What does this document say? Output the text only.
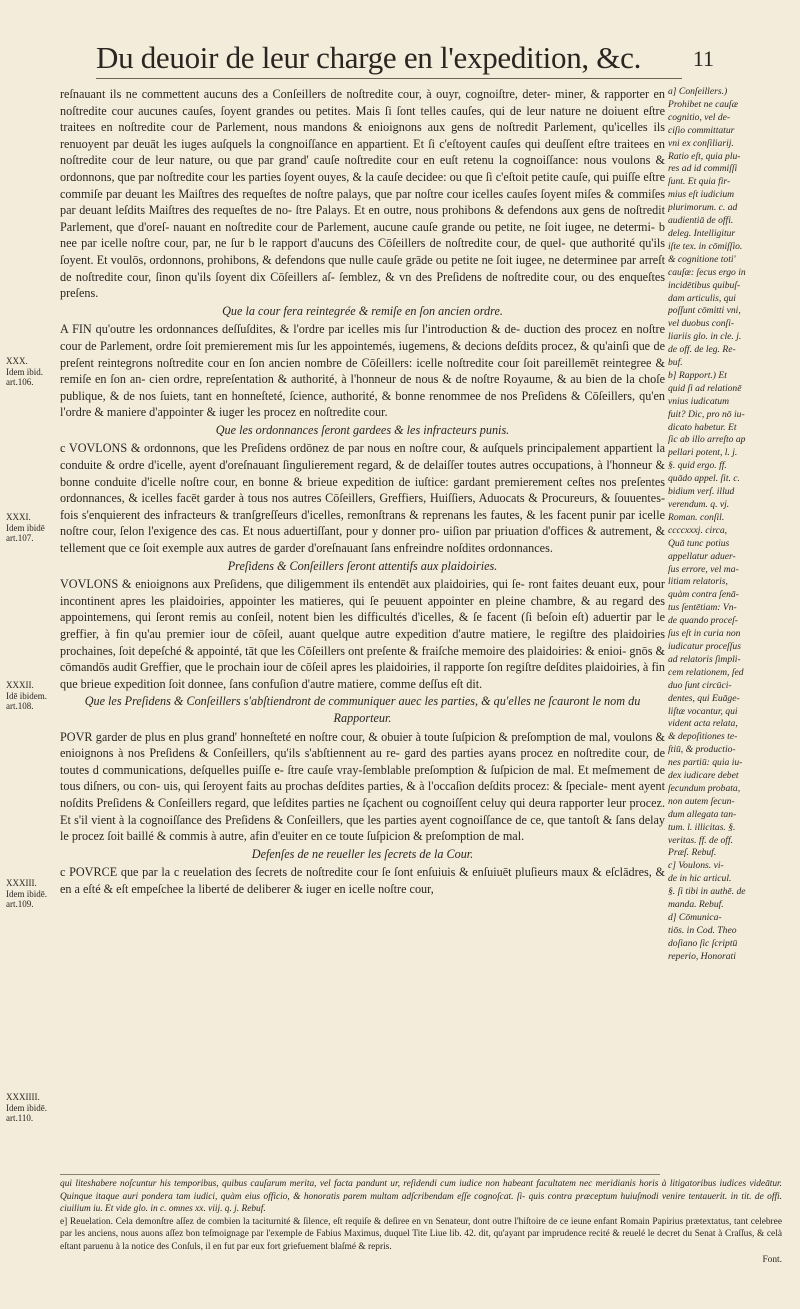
Du deuoir de leur charge en l'expedition, &c. 11

reſnauant ils ne commettent aucuns des a Conſeillers de noſtredite cour, à ouyr, cognoiſtre, deter- miner, & rapporter en noſtredite cour aucunes cauſes, ſoyent grandes ou petites. Mais ſi ſont telles cauſes, qui de leur nature ne doiuent eſtre traitees en noſtredite cour de Parlement, nous mandons & enioignons aux gens de noſtredit Parlement, qu'icelles ils renuoyent par deuāt les iuges auſquels la congnoiſſance en appartient. Et ſi c'eſtoyent cauſes qui deuſſent eſtre traitees en noſtredite cour de leur nature, ou que par grand' cauſe noſtredite cour en euſt retenu la cognoiſſance: nous voulons & ordonnons, que par noſtredite cour les parties ſoyent ouyes, & la cauſe decidee: ou que ſi c'eſtoit petite cauſe, qui puiſſe eſtre commiſe par deuant les Maiſtres des requeſtes de noſtre palays, que par noſtre cour icelles cauſes ſoyent miſes & commiſes par deuant leſdits Maiſtres des requeſtes de no- ſtre Palays. Et en outre, nous prohibons & defendons aux gens de noſtredit Parlement, que d'oreſ- nauant en noſtredite cour de Parlement, aucune cauſe grande ou petite, ne ſoit iugee, ne determi- b nee par icelle noſtre cour, par, ne ſur b le rapport d'aucuns des Cōſeillers de noſtredite cour, de quel- que authorité qu'ils ſoyent. Et voulōs, ordonnons, prohibons, & defendons que nulle cauſe grāde ou petite ne ſoit iugee, ne determinee par arreſt de noſtredite cour, ſinon qu'ils ſoyent dix Cōſeillers aſ- ſemblez, & vn des Preſidens de noſtredite cour, ou des enqueſtes preſens.

Que la cour fera reintegrée & remiſe en ſon ancien ordre.

A FIN qu'outre les ordonnances deſſuſdites, & l'ordre par icelles mis ſur l'introduction & de- duction des procez en noſtre cour de Parlement, ordre ſoit premierement mis ſur les appointemés, iugemens, & decions deſdits procez, & qu'ainſi que de preſent reintegrons noſtredite cour en ſon ancien nombre de Cōſeillers: icelle noſtredite cour ſoit pareillemēt reintegree & remiſe en ſon an- cien ordre, repreſentation & authorité, à l'honneur de nous & de noſtre Royaume, & au bien de la choſe publique, & de nos ſuiets, tant en honneſteté, ſcience, authorité, & bonne renommee de nos Preſidens & Cōſeillers, qu'en l'ordre & maniere d'appointer & iuger les procez en noſtredite cour.

Que les ordonnances ſeront gardees & les infracteurs punis.

c VOVLONS & ordonnons, que les Preſidens ordōnez de par nous en noſtre cour, & auſquels principalement appartient la conduite & ordre d'icelle, ayent d'oreſnauant ſingulierement regard, & de delaiſſer toutes autres occupations, à l'honneur & bonne conduite d'icelle noſtre cour, en bonne & brieue expedition de iuſtice: gardant premierement ceſtes nos preſentes ordonnances, & icelles facēt garder à tous nos autres Cōſeillers, Greffiers, Huiſſiers, Aduocats & Procureurs, & ſouuentes- fois s'enquierent des infracteurs & tranſgreſſeurs d'icelles, remonſtrans & reprenans les fautes, & les facent punir par icelle noſtre cour, ſelon l'exigence des cas. Et nous aduertiſſant, pour y donner pro- uiſion par priuation d'offices & autrement, & tellement que ce ſoit exemple aux autres de garder d'oreſnauant ſans enfreindre noſdites ordonnances.

Preſidens & Conſeillers ſeront attentifs aux plaidoiries.

VOVLONS & enioignons aux Preſidens, que diligemment ils entendēt aux plaidoiries, qui ſe- ront faites deuant eux, pour incontinent apres les plaidoiries, appointer les matieres, qui ſe peuuent appointer en pleine chambre, & au regard des appointemens, qui ſeront remis au conſeil, notent bien les difficultés d'icelles, & ſe facent (ſi beſoin eſt) aduertir par le greffier, à fin qu'au premier iour de cōſeil, auant quelque autre expedition d'autre matiere, le regiſtre des plaidoiries prochaines, ſoit depeſché & appointé, tāt que les Cōſeillers ont preſente & fraiſche memoire des plaidoiries: & enioi- gnōs & cōmandōs audit Greffier, que le prochain iour de cōſeil apres les plaidoiries, il rapporte ſon regiſtre deſdites plaidoiries, à fin que brieue expedition ſoit donnee, ſans confuſion d'autre matiere, comme deſſus eſt dit.

Que les Preſidens & Conſeillers s'abſtiendront de communiquer auec les parties, & qu'elles ne ſcauront le nom du Rapporteur.

POVR garder de plus en plus grand' honneſteté en noſtre cour, & obuier à toute ſuſpicion & preſomption de mal, voulons & enioignons à nos Preſidens & Conſeillers, qu'ils s'abſtiennent au re- gard des parties ayans procez en noſtredite cour, de toutes d communications, deſquelles puiſſe e- ſtre cauſe vray-ſemblable preſomption & ſuſpicion de mal. Et meſmement de tous diſners, ou con- uis, qui ſeroyent faits au prochas deſdites parties, & à l'occaſion deſdits procez: & ſpeciale- ment ayent noſdits Preſidens & Conſeillers regard, que leſdites parties ne ſçachent ou cognoiſſent celuy qui deura rapporter leur procez. Et s'il vient à la cognoiſſance des Preſidens & Conſeillers, que les parties ayent cognoiſſance de ce, que tantoſt & ſans delay le procez ſoit baillé & commis à autre, afin d'euiter en ce toute ſuſpicion & preſomption de mal.

Defenſes de ne reueller les ſecrets de la Cour.

c POVRCE que par la c reuelation des ſecrets de noſtredite cour ſe ſont enſuiuis & enſuiuēt pluſieurs maux & eſclādres, & en a eſté & eſt empeſchee la liberté de deliberer & iuger en icelle noſtre cour,

XXX.
Idem ibid.
art.106.
XXXI.
Idem ibidē
art.107.
XXXII.
Idē ibidem.
art.108.
XXXIII.
Idem ibidē.
art.109.
XXXIIII.
Idem ibidē.
art.110.
a] Conſeillers.)
Prohibet ne cauſæ
cognitio, vel de-
ciſio committatur
vni ex conſiliarij.
Ratio eſt, quia plu-
res ad id commiſſi
ſunt. Et quia fir-
mius eſt iudicium
plurimorum. c. ad
audientiā de offi.
deleg. Intelligitur
iſte tex. in cōmiſſio.
& cognitione toti'
cauſæ: ſecus ergo in
incidētibus quibuſ-
dam articulis, qui
poſſunt cōmitti vni,
vel duobus conſi-
liariis glo. in cle. j.
de off. de leg. Re-
buf.
b] Rapport.) Et
quid ſi ad relationē
vnius iudicatum
fuit? Dic, pro nō iu-
dicato habetur. Et
ſic ab illo arreſto ap
pellari potent, l. j.
§. quid ergo. ff.
quādo appel. ſit. c.
bidium verſ. illud
verendum. q. vj.
Roman. conſil.
ccccxxxj. circa,
Quā tunc potius
appellatur aduer-
ſus errore, vel ma-
litiam relatoris,
quàm contra ſenā-
tus ſentētiam: Vn-
de quando proceſ-
ſus eſt in curia non
iudicatur proceſſus
ad relatoris ſimpli-
cem relationem, ſed
duo ſunt circūci-
dentes, qui Euāge-
liſtæ vocantur, qui
vident acta relata,
& depoſitiones te-
ſtiū, & productio-
nes partiū: quia iu-
dex iudicare debet
ſecundum probata,
non autem ſecun-
dum allegata tan-
tum. l. illicitas. §.
veritas. ff. de off.
Præſ. Rebuf.
c] Voulons. vi-
de in hic articul.
§. ſi tibi in authē. de
manda. Rebuf.
d] Cōmunica-
tiōs. in Cod. Theo
doſiano ſic ſcriptū
reperio, Honorati

qui liteshabere noſcuntur his temporibus, quibus cauſarum merita, vel facta pandunt ur, reſidendi cum iudice non habeant facultatem nec meridianis horis à litigatoribus iudices videātur. Quinque itaque auri pondera tam iudici, quàm eius officio, & honoratis parem multam adſcribendam eſſe cognoſcat. ſi- quis contra præceptum huiuſmodi venire tentauerit. in tit. de offi. ciuilium iu. Et vide glo. in c. omnes xx. viij. q. j. Rebuf.

e] Reuelation. Cela demonſtre aſſez de combien la taciturnité & ſilence, eſt requiſe & deſiree en vn Senateur, dont outre l'hiſtoire de ce ieune enfant Romain Papirius prætextatus, tant celebree par les anciens, nous auons aſſez bon teſmoignage par l'exemple de Fabius Maximus, duquel Tite Liue lib. 42. dit, qu'ayant par imprudence recité & reuelé le decret du Senat à Craſſus, & celà eſtant paruenu à la notice des Conſuls, il en fut par eux fort griefuement blaſmé & repris.

Font.
